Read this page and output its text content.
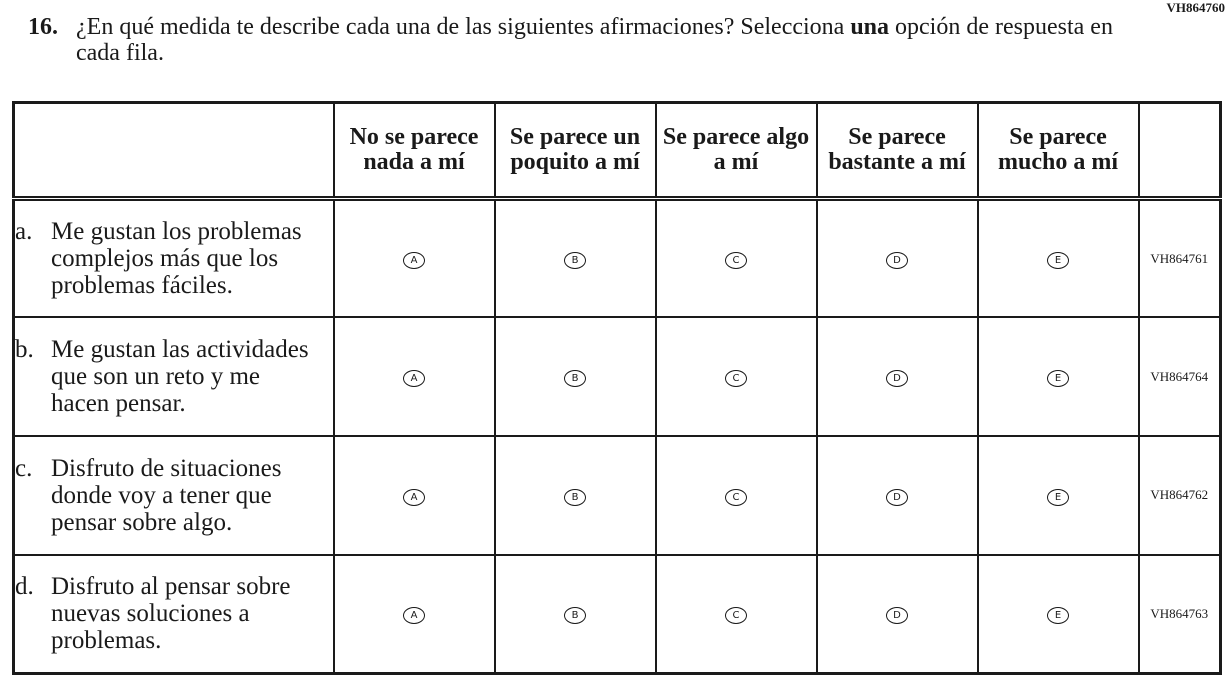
VH864760
16. ¿En qué medida te describe cada una de las siguientes afirmaciones? Selecciona una opción de respuesta en cada fila.
	No se parece nada a mí	Se parece un poquito a mí	Se parece algo a mí	Se parece bastante a mí	Se parece mucho a mí	
a. Me gustan los problemas complejos más que los problemas fáciles.	A	B	C	D	E	VH864761
b. Me gustan las actividades que son un reto y me hacen pensar.	A	B	C	D	E	VH864764
c. Disfruto de situaciones donde voy a tener que pensar sobre algo.	A	B	C	D	E	VH864762
d. Disfruto al pensar sobre nuevas soluciones a problemas.	A	B	C	D	E	VH864763
